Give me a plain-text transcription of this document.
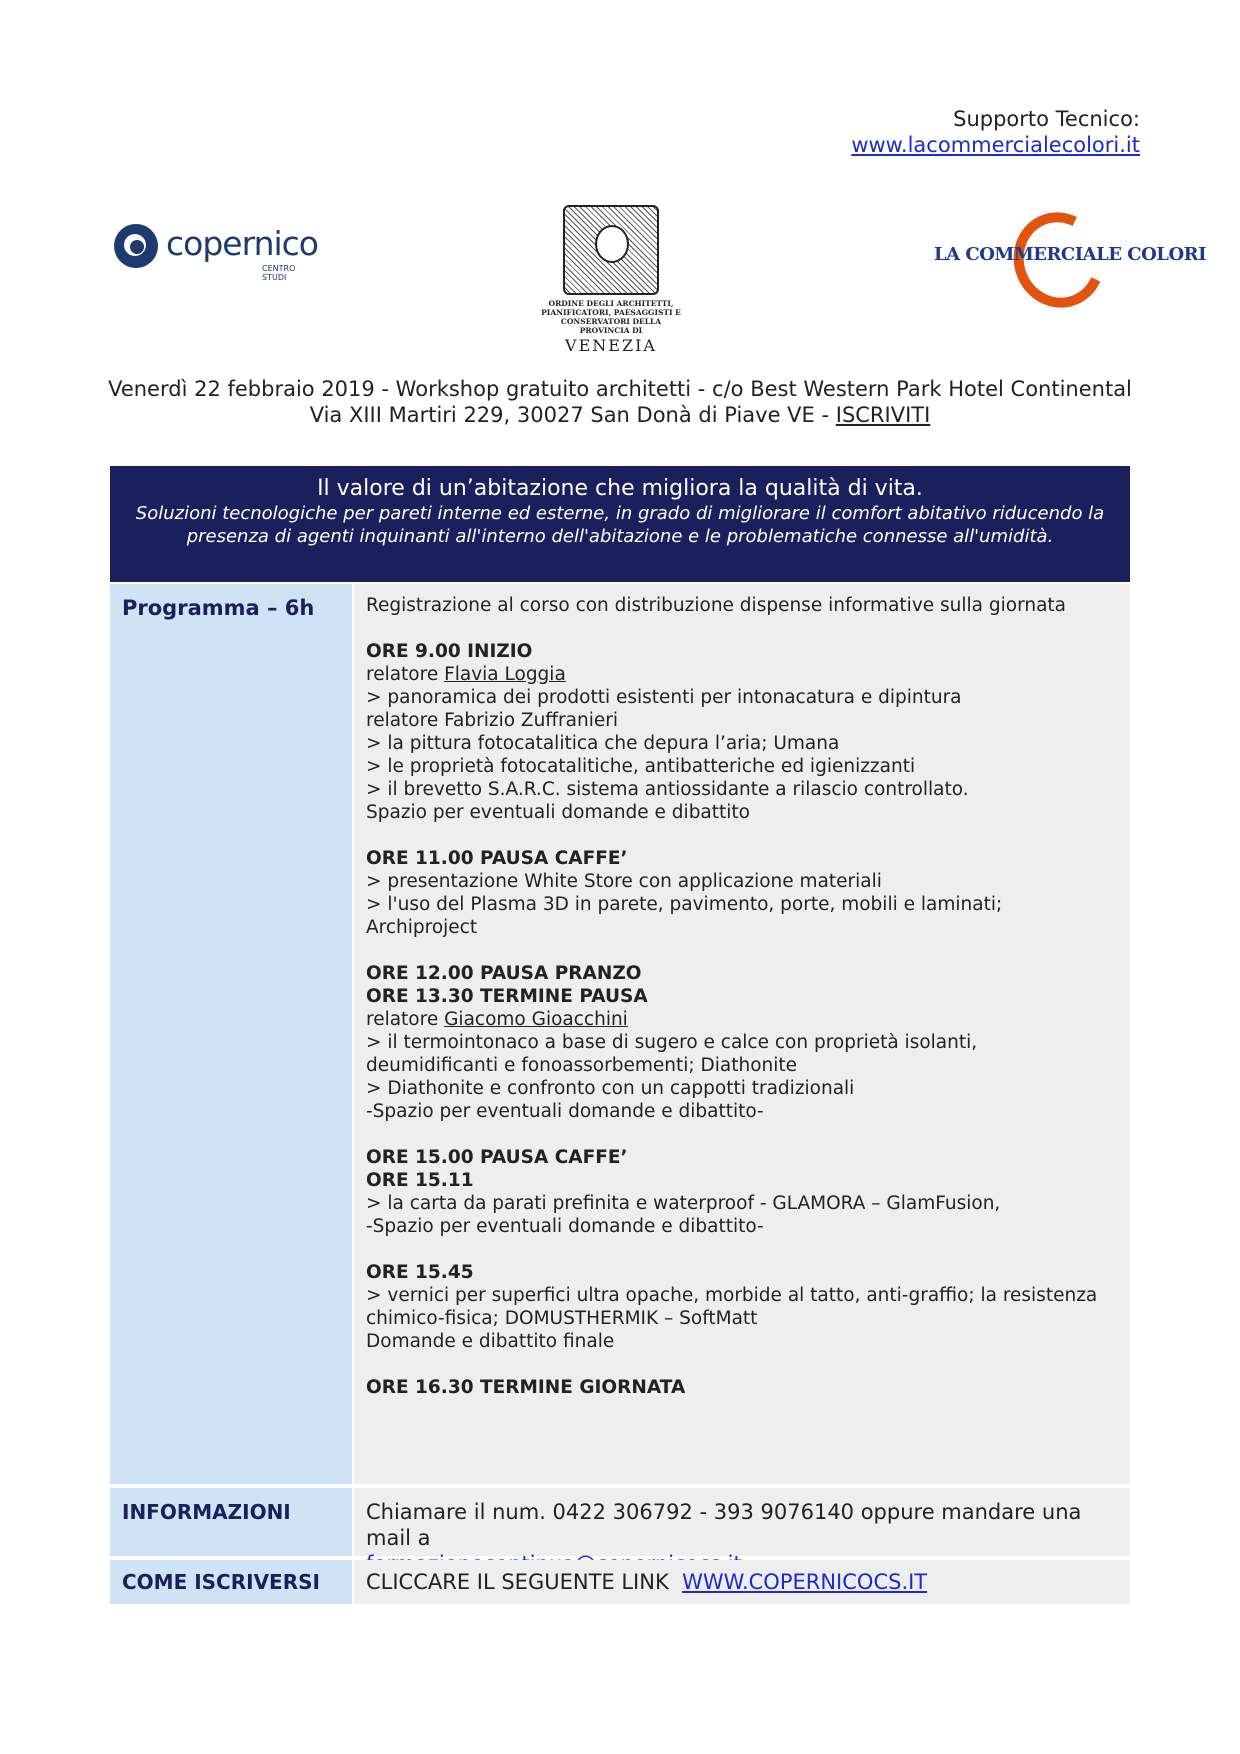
Supporto Tecnico:
www.lacommercialecolori.it
copernico
CENTRO STUDI
ORDINE DEGLI ARCHITETTI,
PIANIFICATORI, PAESAGGISTI E
CONSERVATORI DELLA
PROVINCIA DI
VENEZIA
LA COMMERCIALE COLORI
Venerdì 22 febbraio 2019 - Workshop gratuito architetti - c/o Best Western Park Hotel Continental
Via XIII Martiri 229, 30027 San Donà di Piave VE - ISCRIVITI
Il valore di un’abitazione che migliora la qualità di vita.
Soluzioni tecnologiche per pareti interne ed esterne, in grado di migliorare il comfort abitativo riducendo la presenza di agenti inquinanti all'interno dell'abitazione e le problematiche connesse all'umidità.
Programma – 6h	Registrazione al corso con distribuzione dispense informative sulla giornata

ORE 9.00 INIZIO

relatore Flavia Loggia

> panoramica dei prodotti esistenti per intonacatura e dipintura

relatore Fabrizio Zuffranieri

> la pittura fotocatalitica che depura l’aria; Umana

> le proprietà fotocatalitiche, antibatteriche ed igienizzanti

> il brevetto S.A.R.C. sistema antiossidante a rilascio controllato.

Spazio per eventuali domande e dibattito

ORE 11.00 PAUSA CAFFE’

> presentazione White Store con applicazione materiali

> l'uso del Plasma 3D in parete, pavimento, porte, mobili e laminati;

Archiproject

ORE 12.00 PAUSA PRANZO

ORE 13.30 TERMINE PAUSA

relatore Giacomo Gioacchini

> il termointonaco a base di sugero e calce con proprietà isolanti,

deumidificanti e fonoassorbementi; Diathonite

> Diathonite e confronto con un cappotti tradizionali

-Spazio per eventuali domande e dibattito-

ORE 15.00 PAUSA CAFFE’

ORE 15.11

> la carta da parati prefinita e waterproof - GLAMORA – GlamFusion,

-Spazio per eventuali domande e dibattito-

ORE 15.45

> vernici per superfici ultra opache, morbide al tatto, anti-graffio; la resistenza

chimico-fisica; DOMUSTHERMIK – SoftMatt

Domande e dibattito finale

ORE 16.30 TERMINE GIORNATA

INFORMAZIONI	Chiamare il num. 0422 306792 - 393 9076140 oppure mandare una mail a
COME ISCRIVERSI	CLICCARE IL SEGUENTE LINK  WWW.COPERNICOCS.IT
